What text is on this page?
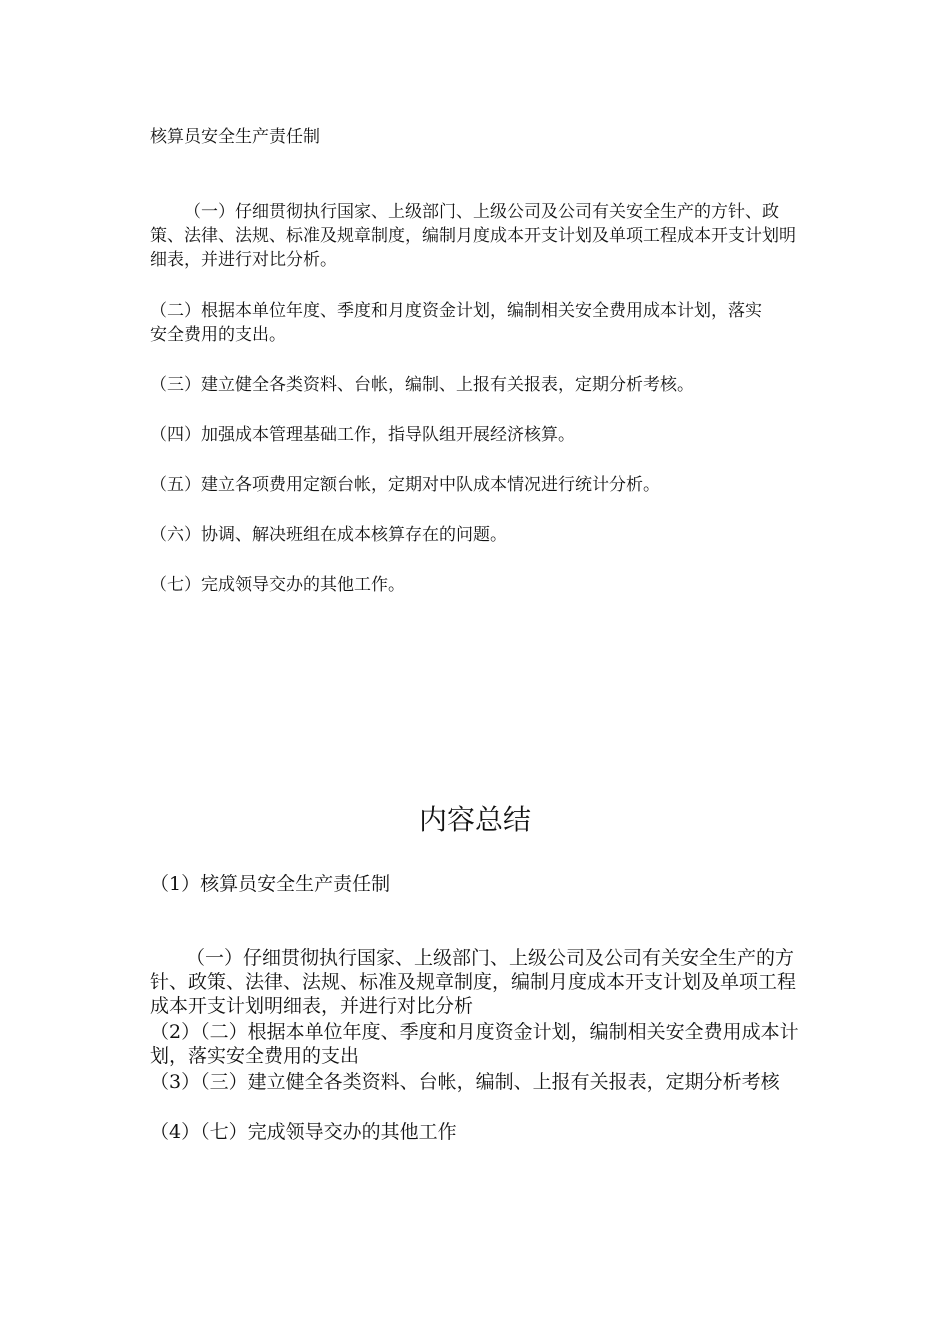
核算员安全生产责任制

（一）仔细贯彻执行国家、上级部门、上级公司及公司有关安全生产的方针、政策、法律、法规、标准及规章制度，编制月度成本开支计划及单项工程成本开支计划明细表，并进行对比分析。

（二）根据本单位年度、季度和月度资金计划，编制相关安全费用成本计划，落实安全费用的支出。

（三）建立健全各类资料、台帐，编制、上报有关报表，定期分析考核。

（四）加强成本管理基础工作，指导队组开展经济核算。

（五）建立各项费用定额台帐，定期对中队成本情况进行统计分析。

（六）协调、解决班组在成本核算存在的问题。

（七）完成领导交办的其他工作。

内容总结

（1）核算员安全生产责任制

（一）仔细贯彻执行国家、上级部门、上级公司及公司有关安全生产的方针、政策、法律、法规、标准及规章制度，编制月度成本开支计划及单项工程成本开支计划明细表，并进行对比分析

（2）（二）根据本单位年度、季度和月度资金计划，编制相关安全费用成本计划，落实安全费用的支出

（3）（三）建立健全各类资料、台帐，编制、上报有关报表，定期分析考核

（4）（七）完成领导交办的其他工作
